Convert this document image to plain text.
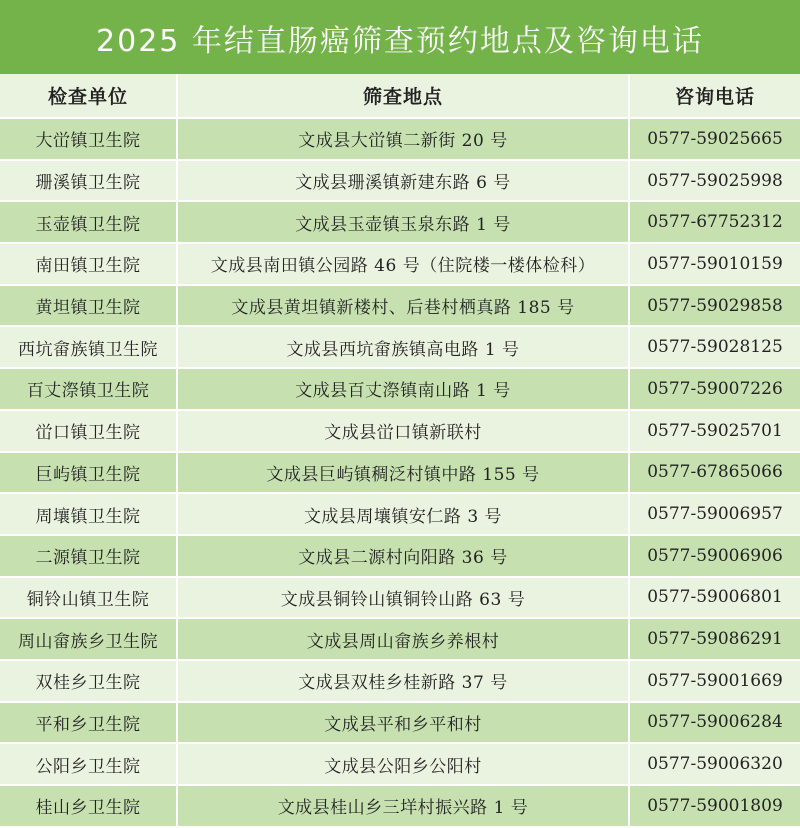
2025 年结直肠癌筛查预约地点及咨询电话
检查单位	筛查地点	咨询电话
大峃镇卫生院	文成县大峃镇二新街 20 号	0577-59025665
珊溪镇卫生院	文成县珊溪镇新建东路 6 号	0577-59025998
玉壶镇卫生院	文成县玉壶镇玉泉东路 1 号	0577-67752312
南田镇卫生院	文成县南田镇公园路 46 号（住院楼一楼体检科）	0577-59010159
黄坦镇卫生院	文成县黄坦镇新楼村、后巷村栖真路 185 号	0577-59029858
西坑畲族镇卫生院	文成县西坑畲族镇高电路 1 号	0577-59028125
百丈漈镇卫生院	文成县百丈漈镇南山路 1 号	0577-59007226
峃口镇卫生院	文成县峃口镇新联村	0577-59025701
巨屿镇卫生院	文成县巨屿镇稠泛村镇中路 155 号	0577-67865066
周壤镇卫生院	文成县周壤镇安仁路 3 号	0577-59006957
二源镇卫生院	文成县二源村向阳路 36 号	0577-59006906
铜铃山镇卫生院	文成县铜铃山镇铜铃山路 63 号	0577-59006801
周山畲族乡卫生院	文成县周山畲族乡养根村	0577-59086291
双桂乡卫生院	文成县双桂乡桂新路 37 号	0577-59001669
平和乡卫生院	文成县平和乡平和村	0577-59006284
公阳乡卫生院	文成县公阳乡公阳村	0577-59006320
桂山乡卫生院	文成县桂山乡三垟村振兴路 1 号	0577-59001809
